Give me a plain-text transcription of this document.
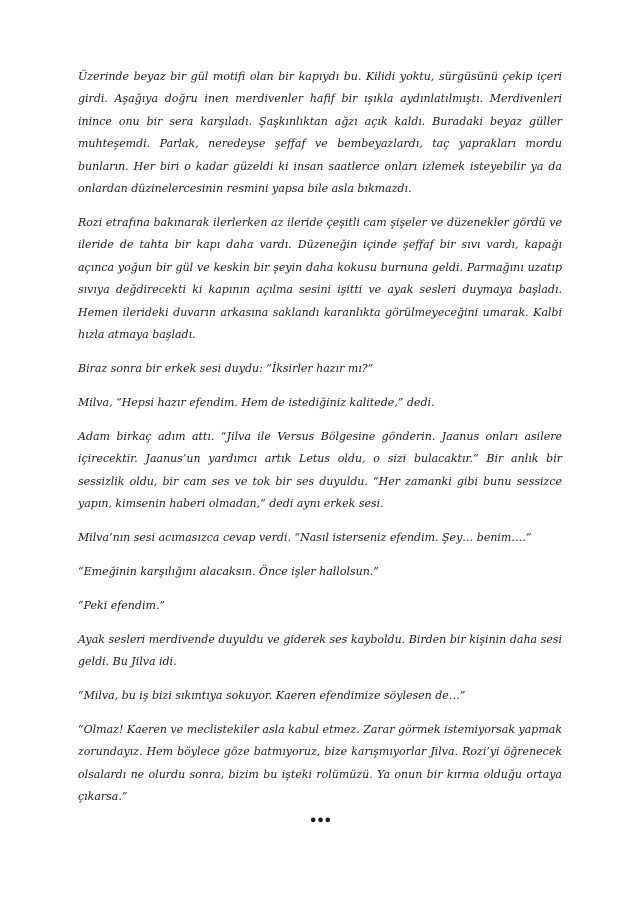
Üzerinde beyaz bir gül motifi olan bir kapıydı bu. Kilidi yoktu, sürgüsünü çekip içeri girdi. Aşağıya doğru inen merdivenler hafif bir ışıkla aydınlatılmıştı. Merdivenleri inince onu bir sera karşıladı. Şaşkınlıktan ağzı açık kaldı. Buradaki beyaz güller muhteşemdi. Parlak, neredeyse şeffaf ve bembeyazlardı, taç yaprakları mordu bunların. Her biri o kadar güzeldi ki insan saatlerce onları izlemek isteyebilir ya da onlardan düzinelercesinin resmini yapsa bile asla bıkmazdı.

Rozi etrafına bakınarak ilerlerken az ileride çeşitli cam şişeler ve düzenekler gördü ve ileride de tahta bir kapı daha vardı. Düzeneğin içinde şeffaf bir sıvı vardı, kapağı açınca yoğun bir gül ve keskin bir şeyin daha kokusu burnuna geldi. Parmağını uzatıp sıvıya değdirecekti ki kapının açılma sesini işitti ve ayak sesleri duymaya başladı. Hemen ilerideki duvarın arkasına saklandı karanlıkta görülmeyeceğini umarak. Kalbi hızla atmaya başladı.

Biraz sonra bir erkek sesi duydu: “İksirler hazır mı?”

Milva, “Hepsi hazır efendim. Hem de istediğiniz kalitede,” dedi.

Adam birkaç adım attı. “Jilva ile Versus Bölgesine gönderin. Jaanus onları asilere içirecektir. Jaanus’un yardımcı artık Letus oldu, o sizi bulacaktır.” Bir anlık bir sessizlik oldu, bir cam ses ve tok bir ses duyuldu. “Her zamanki gibi bunu sessizce yapın, kimsenin haberi olmadan,” dedi aynı erkek sesi.

Milva’nın sesi acımasızca cevap verdi. “Nasıl isterseniz efendim. Şey… benim….”

“Emeğinin karşılığını alacaksın. Önce işler hallolsun.”

“Peki efendim.”

Ayak sesleri merdivende duyuldu ve giderek ses kayboldu. Birden bir kişinin daha sesi geldi. Bu Jilva idi.

“Milva, bu iş bizi sıkıntıya sokuyor. Kaeren efendimize söylesen de…”

“Olmaz! Kaeren ve meclistekiler asla kabul etmez. Zarar görmek istemiyorsak yapmak zorundayız. Hem böylece göze batmıyoruz, bize karışmıyorlar Jilva. Rozi’yi öğrenecek olsalardı ne olurdu sonra, bizim bu işteki rolümüzü. Ya onun bir kırma olduğu ortaya çıkarsa.”

•••
